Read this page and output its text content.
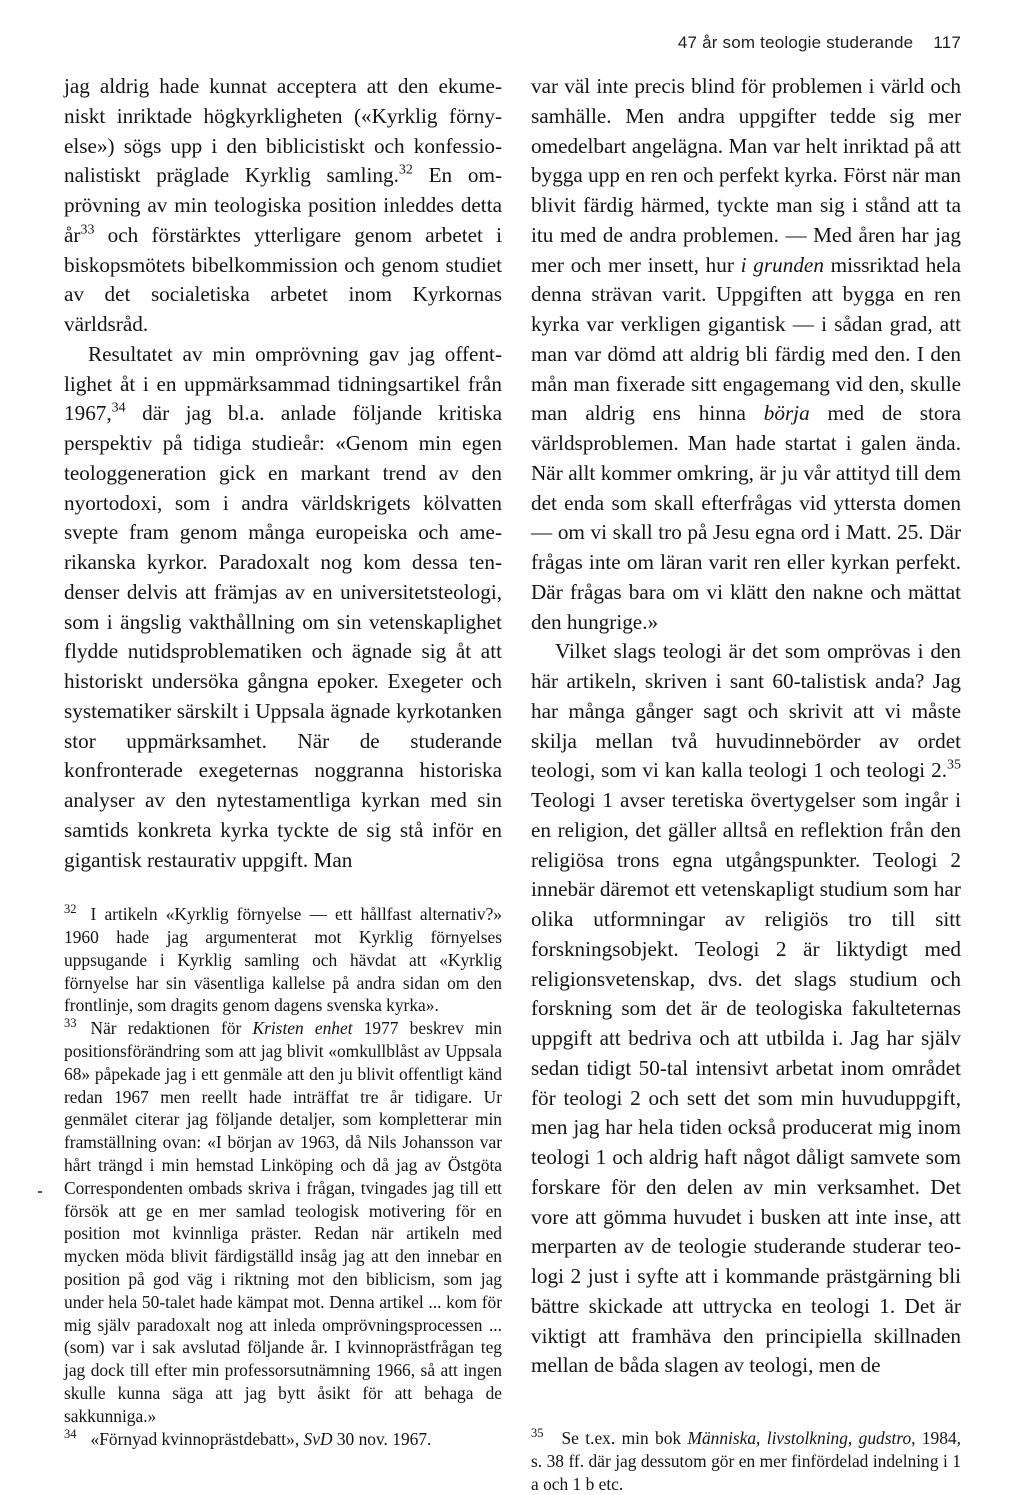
47 år som teologie studerande 117

jag aldrig hade kunnat acceptera att den ekumeniskt inriktade högkyrkligheten («Kyrklig förnyelse») sögs upp i den biblicistiskt och konfessionalistiskt präglade Kyrklig samling.$^{32}$ En omprövning av min teologiska position inleddes detta $år^{33}$ och förstärktes ytterligare genom arbetet i biskopsmötets bibelkommission och genom studiet av det socialetiska arbetet inom Kyrkornas världsråd.

Resultatet av min omprövning gav jag offentlighet åt i en uppmärksammad tidningsartikel från 1967,34 där jag bl.a. anlade följande kritiska perspektiv på tidiga studieår: «Genom min egen teologgeneration gick en markant trend av den nyortodoxi, som i andra världskrigets kölvatten svepte fram genom många europeiska och amerikanska kyrkor. Paradoxalt nog kom dessa tendenser delvis att främjas av en universitetsteologi, som i ängslig vakthållning om sin vetenskaplighet flydde nutidsproblematiken och ägnade sig åt att historiskt undersöka gångna epoker. Exegeter och systematiker särskilt i Uppsala ägnade kyrkotanken stor uppmärksamhet. När de studerande konfronterade exegeternas noggranna historiska analyser av den nytestamentliga kyrkan med sin samtids konkreta kyrka tyckte de sig stå inför en gigantisk restaurativ uppgift. Man

$^{32}$ I artikeln «Kyrklig förnyelse — ett hållfast alternativ?» 1960 hade jag argumenterat mot Kyrklig förnyelses uppsugande i Kyrklig samling och hävdat att «Kyrklig förnyelse har sin väsentliga kallelse på andra sidan om den frontlinje, som dragits genom dagens svenska kyrka».

$^{33}$ När redaktionen för Kristen enhet 1977 beskrev min positionsförändring som att jag blivit «omkullblåst av Uppsala 68» påpekade jag i ett genmäle att den ju blivit offentligt känd redan 1967 men reellt hade inträffat tre år tidigare. Ur genmälet citerar jag följande detaljer, som kompletterar min framställning ovan: «I början av 1963, då Nils Johansson var hårt trängd i min hemstad Linköping och då jag av Östgöta Correspondenten ombads skriva i frågan, tvingades jag till ett försök att ge en mer samlad teologisk motivering för en position mot kvinnliga präster. Redan när artikeln med mycken möda blivit färdigställd insåg jag att den innebar en position på god väg i riktning mot den biblicism, som jag under hela 50-talet hade kämpat mot. Denna artikel ... kom för mig själv paradoxalt nog att inleda omprövningsprocessen ... (som) var i sak avslutad följande år. I kvinnoprästfrågan teg jag dock till efter min professorsutnämning 1966, så att ingen skulle kunna säga att jag bytt åsikt för att behaga de sakkunniga.»

$^{34}$ «Förnyad kvinnoprästdebatt», SvD 30 nov. 1967.

var väl inte precis blind för problemen i värld och samhälle. Men andra uppgifter tedde sig mer omedelbart angelägna. Man var helt inriktad på att bygga upp en ren och perfekt kyrka. Först när man blivit färdig härmed, tyckte man sig i stånd att ta itu med de andra problemen. — Med åren har jag mer och mer insett, hur i grunden missriktad hela denna strävan varit. Uppgiften att bygga en ren kyrka var verkligen gigantisk — i sådan grad, att man var dömd att aldrig bli färdig med den. I den mån man fixerade sitt engagemang vid den, skulle man aldrig ens hinna börja med de stora världsproblemen. Man hade startat i galen ända. När allt kommer omkring, är ju vår attityd till dem det enda som skall efterfrågas vid yttersta domen — om vi skall tro på Jesu egna ord i Matt. 25. Där frågas inte om läran varit ren eller kyrkan perfekt. Där frågas bara om vi klätt den nakne och mättat den hungrige.»

Vilket slags teologi är det som omprövas i den här artikeln, skriven i sant 60-talistisk anda? Jag har många gånger sagt och skrivit att vi måste skilja mellan två huvudinnebörder av ordet teologi, som vi kan kalla teologi 1 och teologi 2.35 Teologi 1 avser teretiska övertygelser som ingår i en religion, det gäller alltså en reflektion från den religiösa trons egna utgångspunkter. Teologi 2 innebär däremot ett vetenskapligt studium som har olika utformningar av religiös tro till sitt forskningsobjekt. Teologi 2 är liktydigt med religionsvetenskap, dvs. det slags studium och forskning som det är de teologiska fakulteternas uppgift att bedriva och att utbilda i. Jag har själv sedan tidigt 50-tal intensivt arbetat inom området för teologi 2 och sett det som min huvuduppgift, men jag har hela tiden också producerat mig inom teologi 1 och aldrig haft något dåligt samvete som forskare för den delen av min verksamhet. Det vore att gömma huvudet i busken att inte inse, att merparten av de teologie studerande studerar teologi 2 just i syfte att i kommande prästgärning bli bättre skickade att uttrycka en teologi 1. Det är viktigt att framhäva den principiella skillnaden mellan de båda slagen av teologi, men de

$^{35}$ Se t.ex. min bok Människa, livstolkning, gudstro, 1984, s. 38 ff. där jag dessutom gör en mer finfördelad indelning i 1 a och 1 b etc.
